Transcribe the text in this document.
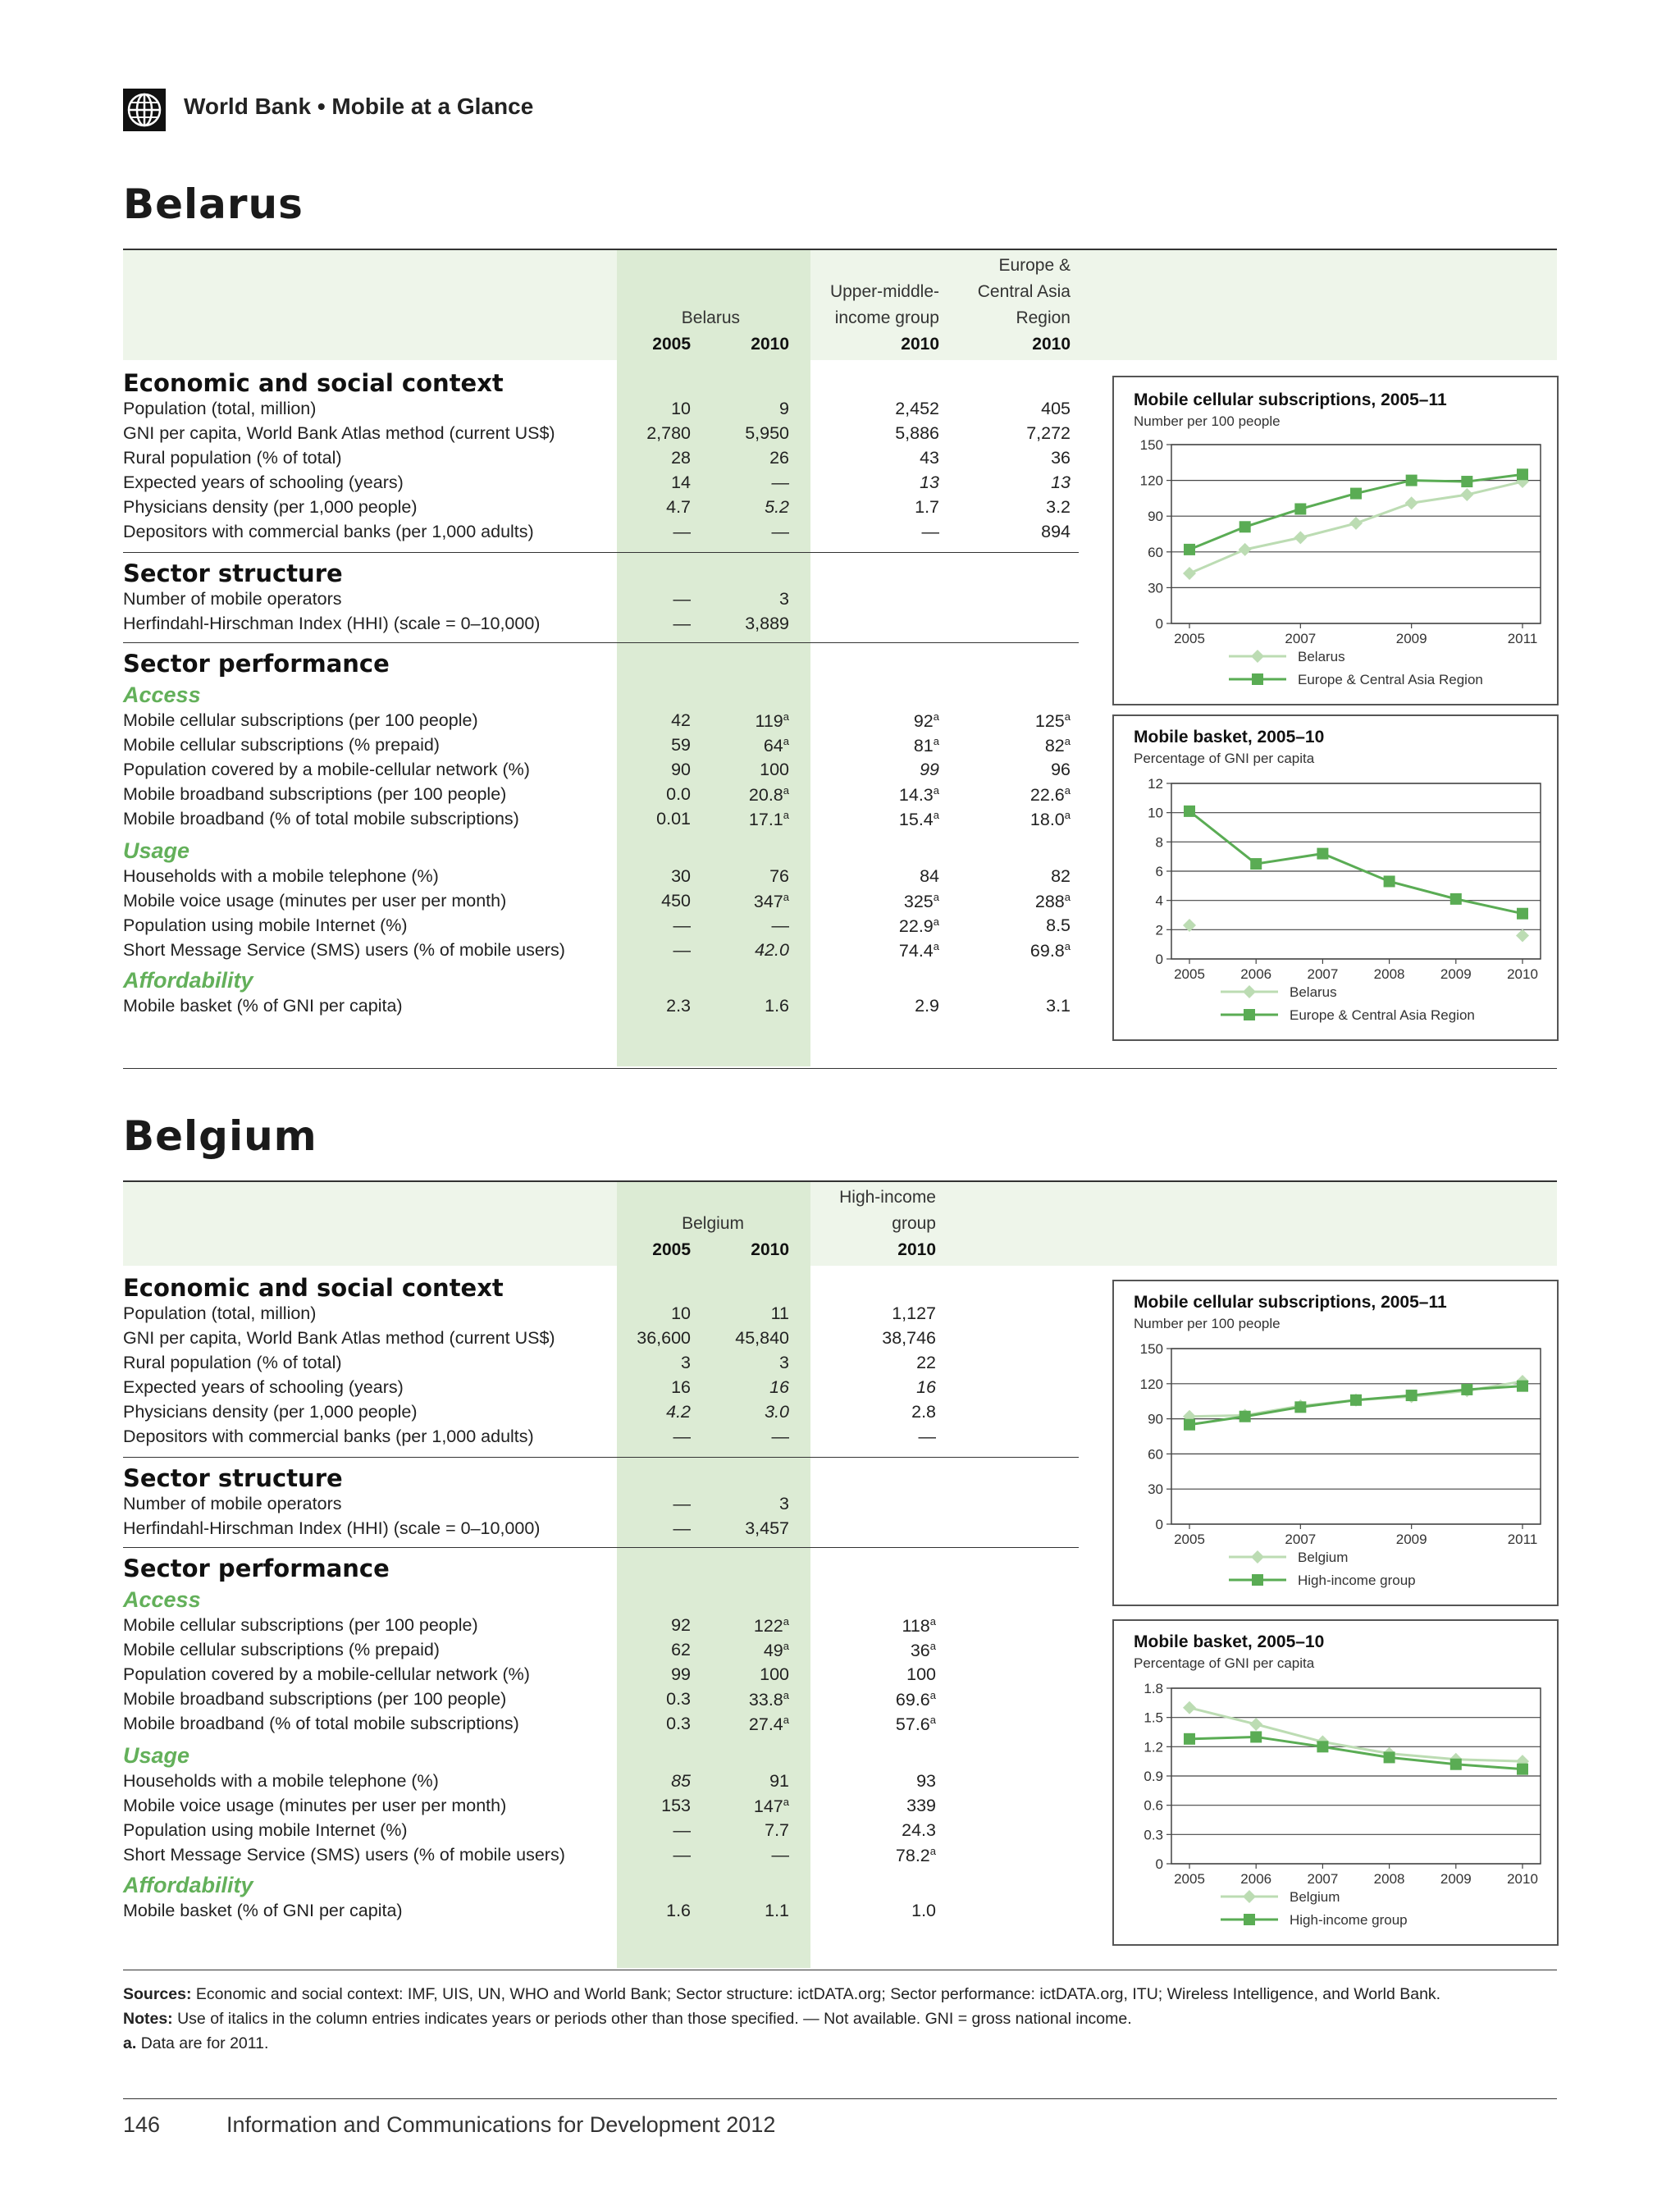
World Bank • Mobile at a Glance
Belarus
Belarus
2005	2010
Upper-middle-
income group
2010
Europe &
Central Asia
Region
2010
Economic and social context
Population (total, million)	10	9	2,452	405
GNI per capita, World Bank Atlas method (current US$)	2,780	5,950	5,886	7,272
Rural population (% of total)	28	26	43	36
Expected years of schooling (years)	14	—	13	13
Physicians density (per 1,000 people)	4.7	5.2	1.7	3.2
Depositors with commercial banks (per 1,000 adults)	—	—	—	894
Sector structure
Number of mobile operators	—	3
Herfindahl-Hirschman Index (HHI) (scale = 0–10,000)	—	3,889
Sector performance
Access
Mobile cellular subscriptions (per 100 people)	42	119$^a$	92$^a$	125$^a$
Mobile cellular subscriptions (% prepaid)	59	64$^a$	81$^a$	82$^a$
Population covered by a mobile-cellular network (%)	90	100	99	96
Mobile broadband subscriptions (per 100 people)	0.0	20.8$^a$	14.3$^a$	22.6$^a$
Mobile broadband (% of total mobile subscriptions)	0.01	17.1$^a$	15.4$^a$	18.0$^a$
Usage
Households with a mobile telephone (%)	30	76	84	82
Mobile voice usage (minutes per user per month)	450	347$^a$	325$^a$	288$^a$
Population using mobile Internet (%)	—	—	22.9$^a$	8.5
Short Message Service (SMS) users (% of mobile users)	—	42.0	74.4$^a$	69.8$^a$
Affordability
Mobile basket (% of GNI per capita)	2.3	1.6	2.9	3.1
Mobile cellular subscriptions, 2005–11
Number per 100 people
0
30
60
90
120
150
2005	2007	2009	2011
Belarus
Europe & Central Asia Region
Mobile basket, 2005–10
Percentage of GNI per capita
0
2
4
6
8
10
12
2005	2006	2007	2008	2009	2010
Belarus
Europe & Central Asia Region
Belgium
Belgium
2005	2010
High-income
group
2010
Economic and social context
Population (total, million)	10	11	1,127
GNI per capita, World Bank Atlas method (current US$)	36,600	45,840	38,746
Rural population (% of total)	3	3	22
Expected years of schooling (years)	16	16	16
Physicians density (per 1,000 people)	4.2	3.0	2.8
Depositors with commercial banks (per 1,000 adults)	—	—	—
Sector structure
Number of mobile operators	—	3
Herfindahl-Hirschman Index (HHI) (scale = 0–10,000)	—	3,457
Sector performance
Access
Mobile cellular subscriptions (per 100 people)	92	122$^a$	118$^a$
Mobile cellular subscriptions (% prepaid)	62	49$^a$	36$^a$
Population covered by a mobile-cellular network (%)	99	100	100
Mobile broadband subscriptions (per 100 people)	0.3	33.8$^a$	69.6$^a$
Mobile broadband (% of total mobile subscriptions)	0.3	27.4$^a$	57.6$^a$
Usage
Households with a mobile telephone (%)	85	91	93
Mobile voice usage (minutes per user per month)	153	147$^a$	339
Population using mobile Internet (%)	—	7.7	24.3
Short Message Service (SMS) users (% of mobile users)	—	—	78.2$^a$
Affordability
Mobile basket (% of GNI per capita)	1.6	1.1	1.0
Mobile cellular subscriptions, 2005–11
Number per 100 people
0
30
60
90
120
150
2005	2007	2009	2011
Belgium
High-income group
Mobile basket, 2005–10
Percentage of GNI per capita
0
0.3
0.6
0.9
1.2
1.5
1.8
2005	2006	2007	2008	2009	2010
Belgium
High-income group
Sources: Economic and social context: IMF, UIS, UN, WHO and World Bank; Sector structure: ictDATA.org; Sector performance: ictDATA.org, ITU; Wireless Intelligence, and World Bank.
Notes: Use of italics in the column entries indicates years or periods other than those specified. — Not available. GNI = gross national income.
a. Data are for 2011.
146	Information and Communications for Development 2012
